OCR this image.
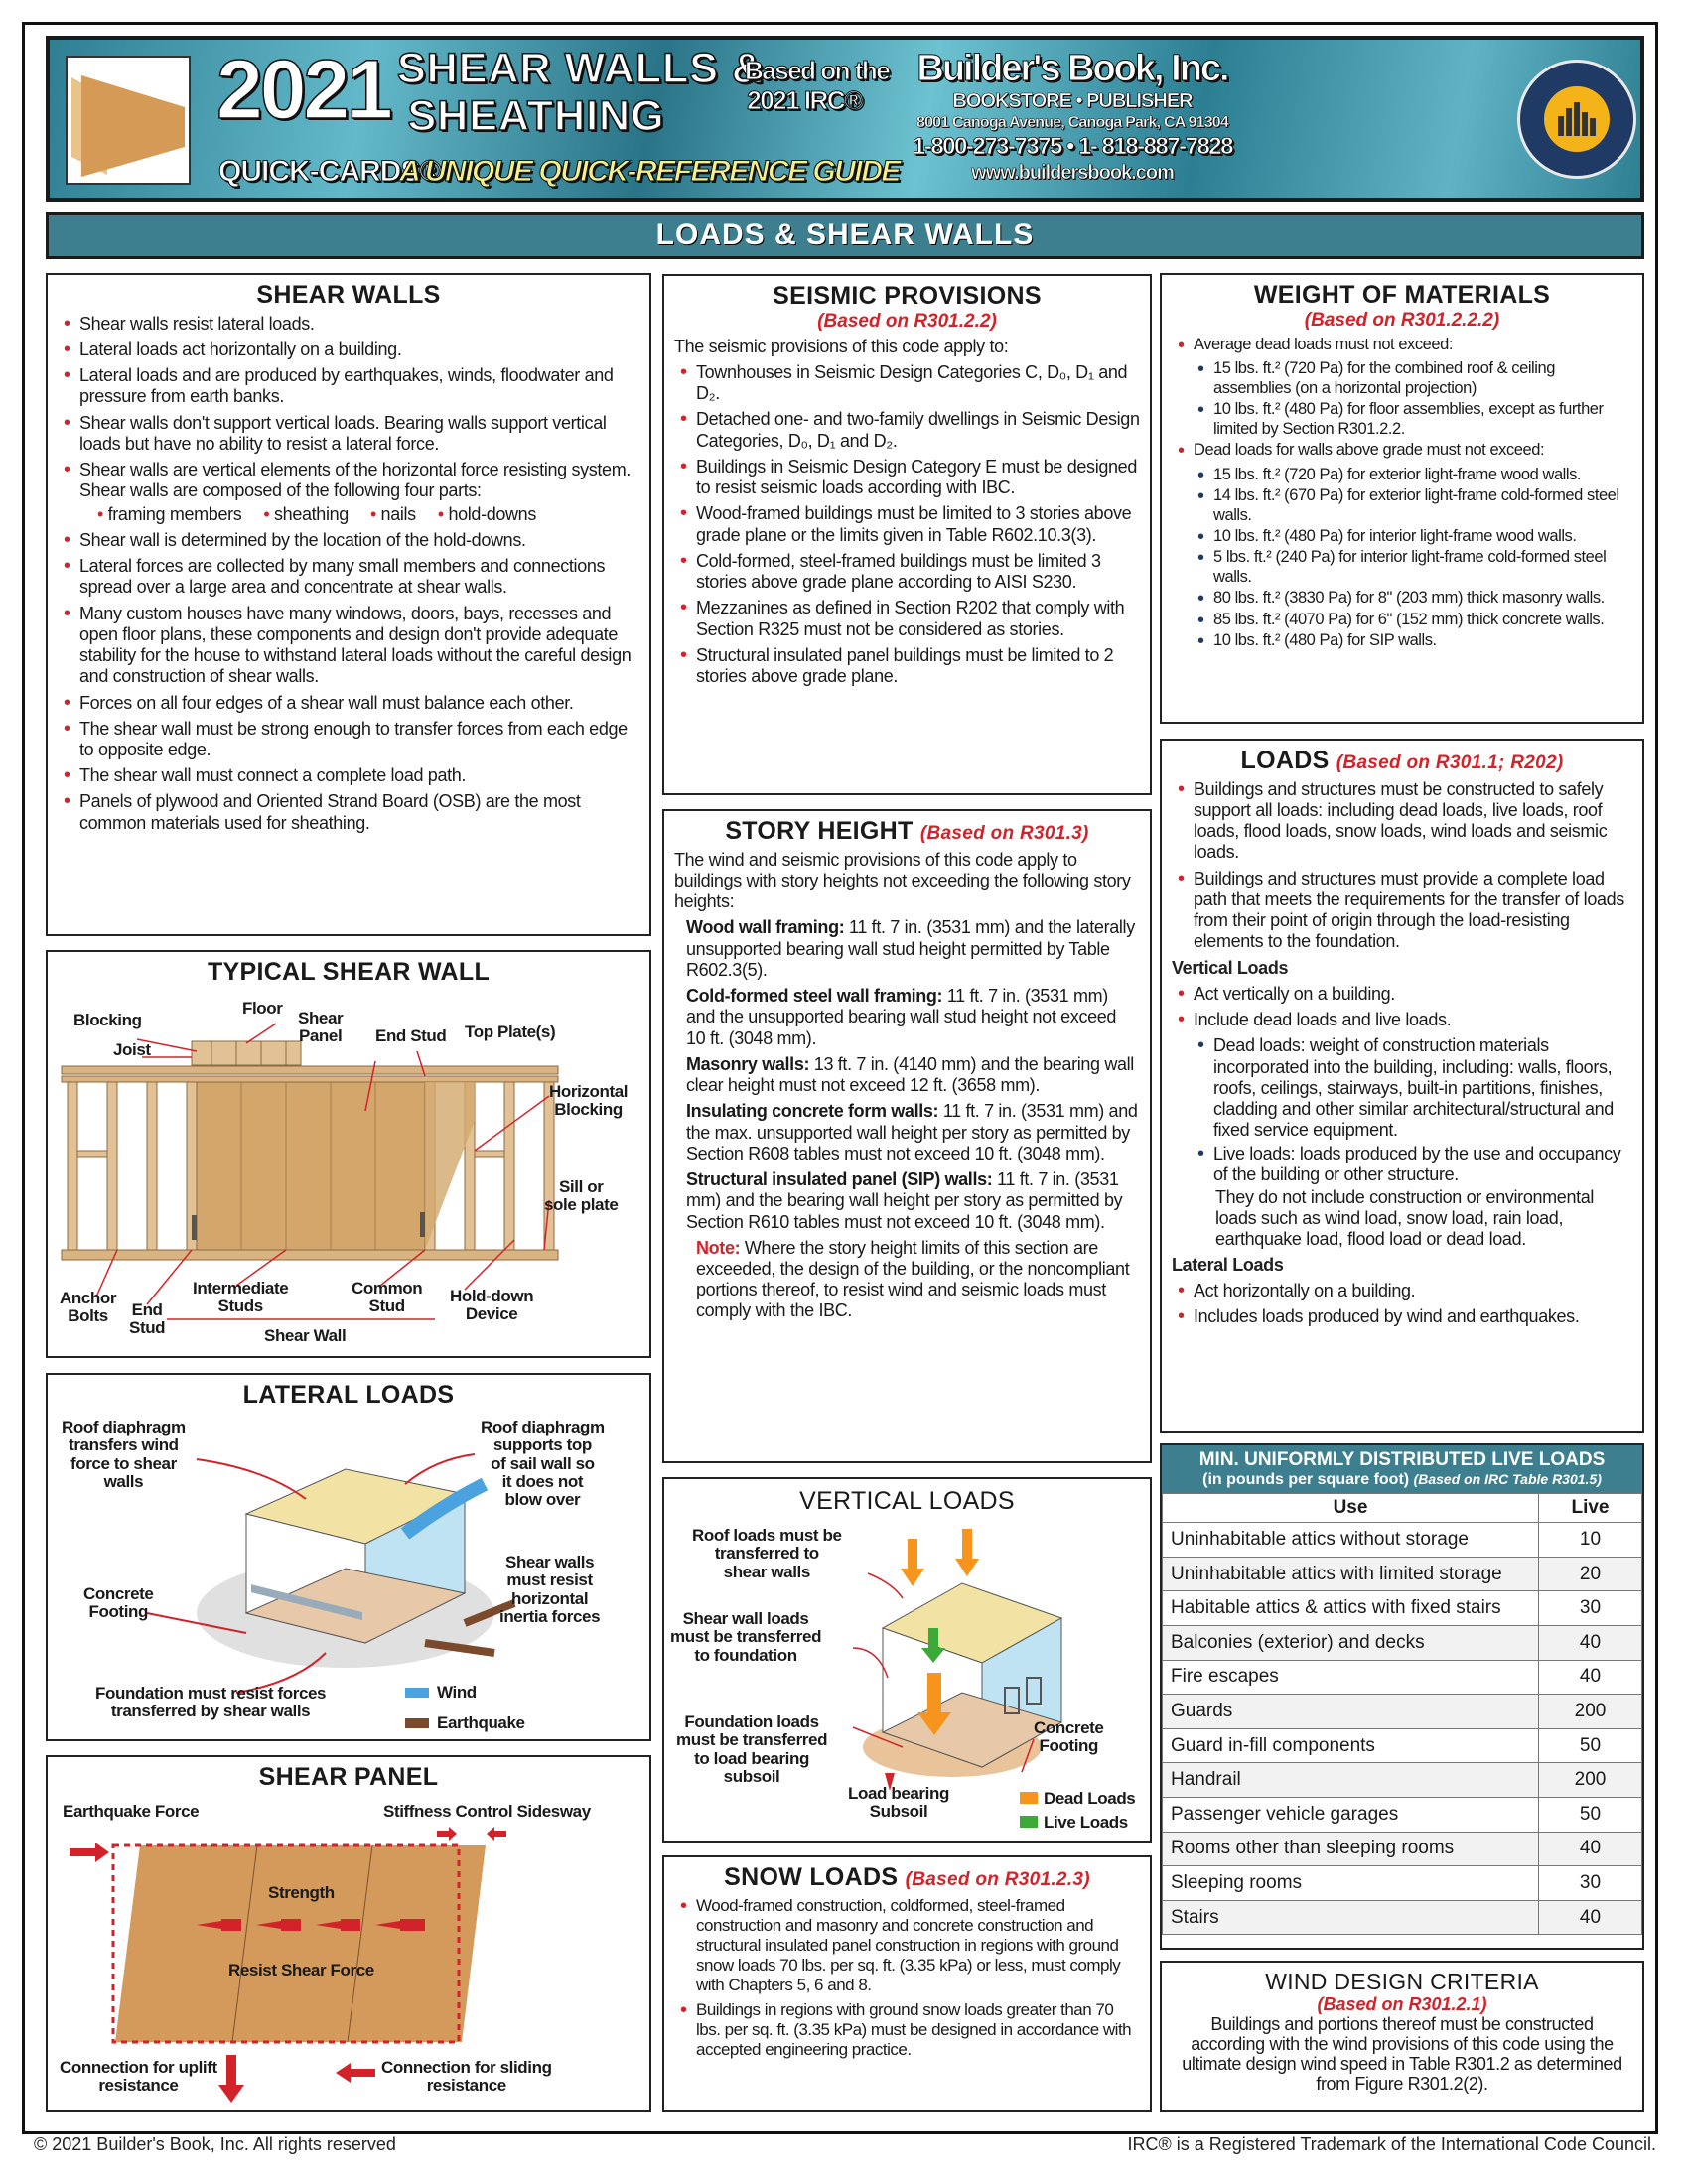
2021
QUICK-CARDS®
SHEAR WALLS &
SHEATHING
A UNIQUE QUICK-REFERENCE GUIDE
Based on the
2021 IRC®
Builder's Book, Inc.
BOOKSTORE • PUBLISHER
8001 Canoga Avenue, Canoga Park, CA 91304
1-800-273-7375 • 1- 818-887-7828
www.buildersbook.com
LOADS & SHEAR WALLS
SHEAR WALLS
• Shear walls resist lateral loads.
• Lateral loads act horizontally on a building.
• Lateral loads and are produced by earthquakes, winds, floodwater and pressure from earth banks.
• Shear walls don't support vertical loads. Bearing walls support vertical loads but have no ability to resist a lateral force.
• Shear walls are vertical elements of the horizontal force resisting system. Shear walls are composed of the following four parts:
• framing members	• sheathing	• nails	• hold-downs
• Shear wall is determined by the location of the hold-downs.
• Lateral forces are collected by many small members and connections spread over a large area and concentrate at shear walls.
• Many custom houses have many windows, doors, bays, recesses and open floor plans, these components and design don't provide adequate stability for the house to withstand lateral loads without the careful design and construction of shear walls.
• Forces on all four edges of a shear wall must balance each other.
• The shear wall must be strong enough to transfer forces from each edge to opposite edge.
• The shear wall must connect a complete load path.
• Panels of plywood and Oriented Strand Board (OSB) are the most common materials used for sheathing.
TYPICAL SHEAR WALL
Blocking
Floor
Joist
Shear
Panel End Stud Top Plate(s)
Horizontal
Blocking
Sill or
sole plate
Anchor
Bolts	End
Stud
Intermediate
Studs
Common
Stud
Hold-down
Device
Shear Wall
LATERAL LOADS
Roof diaphragm
transfers wind
force to shear
walls
Roof diaphragm
supports top
of sail wall so
it does not
blow over
Concrete
Footing
Shear walls
must resist
horizontal
inertia forces
Foundation must resist forces
transferred by shear walls
Wind
Earthquake
SHEAR PANEL
Earthquake Force	Stiffness Control Sidesway
Strength
Resist Shear Force
Connection for uplift
resistance
Connection for sliding
resistance
SEISMIC PROVISIONS
(Based on R301.2.2)
The seismic provisions of this code apply to:
• Townhouses in Seismic Design Categories C, D₀, D₁ and D₂.
• Detached one- and two-family dwellings in Seismic Design Categories, D₀, D₁ and D₂.
• Buildings in Seismic Design Category E must be designed to resist seismic loads according with IBC.
• Wood-framed buildings must be limited to 3 stories above grade plane or the limits given in Table R602.10.3(3).
• Cold-formed, steel-framed buildings must be limited 3 stories above grade plane according to AISI S230.
• Mezzanines as defined in Section R202 that comply with Section R325 must not be considered as stories.
• Structural insulated panel buildings must be limited to 2 stories above grade plane.
STORY HEIGHT (Based on R301.3)
The wind and seismic provisions of this code apply to buildings with story heights not exceeding the following story heights:
Wood wall framing: 11 ft. 7 in. (3531 mm) and the laterally unsupported bearing wall stud height permitted by Table R602.3(5).
Cold-formed steel wall framing: 11 ft. 7 in. (3531 mm) and the unsupported bearing wall stud height not exceed 10 ft. (3048 mm).
Masonry walls: 13 ft. 7 in. (4140 mm) and the bearing wall clear height must not exceed 12 ft. (3658 mm).
Insulating concrete form walls: 11 ft. 7 in. (3531 mm) and the max. unsupported wall height per story as permitted by Section R608 tables must not exceed 10 ft. (3048 mm).
Structural insulated panel (SIP) walls: 11 ft. 7 in. (3531 mm) and the bearing wall height per story as permitted by Section R610 tables must not exceed 10 ft. (3048 mm).
Note: Where the story height limits of this section are exceeded, the design of the building, or the noncompliant portions thereof, to resist wind and seismic loads must comply with the IBC.
VERTICAL LOADS
Roof loads must be
transferred to
shear walls
Shear wall loads
must be transferred
to foundation
Foundation loads
must be transferred
to load bearing
subsoil
Load bearing
Subsoil
Concrete
Footing
Dead Loads
Live Loads
SNOW LOADS (Based on R301.2.3)
• Wood-framed construction, coldformed, steel-framed construction and masonry and concrete construction and structural insulated panel construction in regions with ground snow loads 70 lbs. per sq. ft. (3.35 kPa) or less, must comply with Chapters 5, 6 and 8.
• Buildings in regions with ground snow loads greater than 70 lbs. per sq. ft. (3.35 kPa) must be designed in accordance with accepted engineering practice.
WEIGHT OF MATERIALS
(Based on R301.2.2.2)
• Average dead loads must not exceed:
• 15 lbs. ft.² (720 Pa) for the combined roof & ceiling assemblies (on a horizontal projection)
• 10 lbs. ft.² (480 Pa) for floor assemblies, except as further limited by Section R301.2.2.
• Dead loads for walls above grade must not exceed:
• 15 lbs. ft.² (720 Pa) for exterior light-frame wood walls.
• 14 lbs. ft.² (670 Pa) for exterior light-frame cold-formed steel walls.
• 10 lbs. ft.² (480 Pa) for interior light-frame wood walls.
• 5 lbs. ft.² (240 Pa) for interior light-frame cold-formed steel walls.
• 80 lbs. ft.² (3830 Pa) for 8" (203 mm) thick masonry walls.
• 85 lbs. ft.² (4070 Pa) for 6" (152 mm) thick concrete walls.
• 10 lbs. ft.² (480 Pa) for SIP walls.
LOADS (Based on R301.1; R202)
• Buildings and structures must be constructed to safely support all loads: including dead loads, live loads, roof loads, flood loads, snow loads, wind loads and seismic loads.
• Buildings and structures must provide a complete load path that meets the requirements for the transfer of loads from their point of origin through the load-resisting elements to the foundation.
Vertical Loads
• Act vertically on a building.
• Include dead loads and live loads.
• Dead loads: weight of construction materials incorporated into the building, including: walls, floors, roofs, ceilings, stairways, built-in partitions, finishes, cladding and other similar architectural/structural and fixed service equipment.
• Live loads: loads produced by the use and occupancy of the building or other structure.
They do not include construction or environmental loads such as wind load, snow load, rain load, earthquake load, flood load or dead load.
Lateral Loads
• Act horizontally on a building.
• Includes loads produced by wind and earthquakes.
MIN. UNIFORMLY DISTRIBUTED LIVE LOADS
(in pounds per square foot) (Based on IRC Table R301.5)
Use	Live
Uninhabitable attics without storage	10
Uninhabitable attics with limited storage	20
Habitable attics & attics with fixed stairs	30
Balconies (exterior) and decks	40
Fire escapes	40
Guards	200
Guard in-fill components	50
Handrail	200
Passenger vehicle garages	50
Rooms other than sleeping rooms	40
Sleeping rooms	30
Stairs	40
WIND DESIGN CRITERIA
(Based on R301.2.1)
Buildings and portions thereof must be constructed according with the wind provisions of this code using the ultimate design wind speed in Table R301.2 as determined from Figure R301.2(2).
© 2021 Builder's Book, Inc. All rights reserved	IRC® is a Registered Trademark of the International Code Council.
